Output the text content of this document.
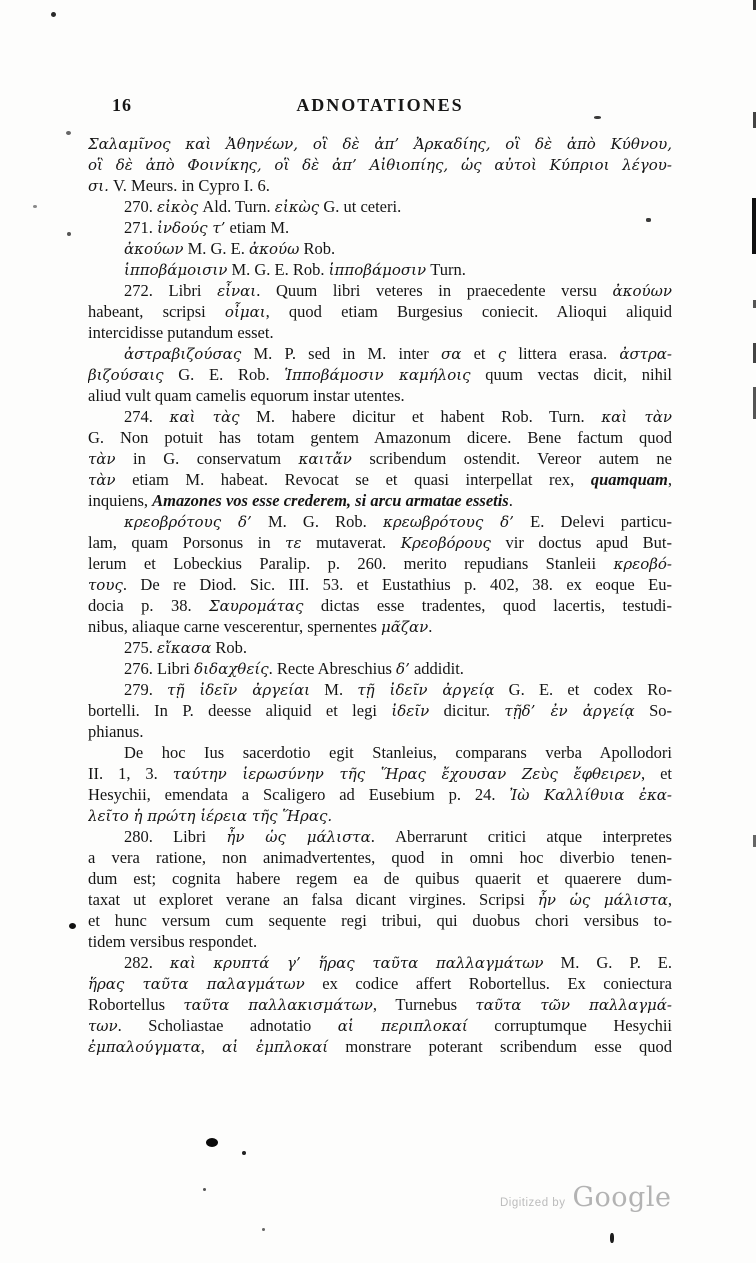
16	ADNOTATIONES
Σαλαμῖνος καὶ Ἀθηνέων, οἳ δὲ ἀπ’ Ἀρκαδίης, οἳ δὲ ἀπὸ Κύθνου,
οἳ δὲ ἀπὸ Φοινίκης, οἳ δὲ ἀπ’ Αἰθιοπίης, ὡς αὐτοὶ Κύπριοι λέγου-
σι. V. Meurs. in Cypro I. 6.
270. εἰκὸς Ald. Turn. εἰκὼς G. ut ceteri.
271. ἰνδούς τ’ etiam M.
ἀκούων M. G. E. ἀκούω Rob.
ἱπποβάμοισιν M. G. E. Rob. ἱπποβάμοσιν Turn.
272. Libri εἶναι. Quum libri veteres in praecedente versu ἀκούων
habeant, scripsi οἶμαι, quod etiam Burgesius coniecit. Alioqui aliquid
intercidisse putandum esset.
ἀστραβιζούσας M. P. sed in M. inter σα et ς littera erasa. ἀστρα-
βιζούσαις G. E. Rob. Ἱπποβάμοσιν καμήλοις quum vectas dicit, nihil
aliud vult quam camelis equorum instar utentes.
274. καὶ τὰς M. habere dicitur et habent Rob. Turn. καὶ τὰν
G. Non potuit has totam gentem Amazonum dicere. Bene factum quod
τὰν in G. conservatum καιτἄν scribendum ostendit. Vereor autem ne
τὰν etiam M. habeat. Revocat se et quasi interpellat rex, quamquam,
inquiens, Amazones vos esse crederem, si arcu armatae essetis.
κρεοβρότους δ’ M. G. Rob. κρεωβρότους δ’ E. Delevi particu-
lam, quam Porsonus in τε mutaverat. Κρεοβόρους vir doctus apud But-
lerum et Lobeckius Paralip. p. 260. merito repudians Stanleii κρεοβό-
τους. De re Diod. Sic. III. 53. et Eustathius p. 402, 38. ex eoque Eu-
docia p. 38. Σαυρομάτας dictas esse tradentes, quod lacertis, testudi-
nibus, aliaque carne vescerentur, spernentes μᾶζαν.
275. εἴκασα Rob.
276. Libri διδαχθείς. Recte Abreschius δ’ addidit.
279. τῇ ἰδεῖν ἀργείαι M. τῇ ἰδεῖν ἀργείᾳ G. E. et codex Ro-
bortelli. In P. deesse aliquid et legi ἰδεῖν dicitur. τῇδ’ ἐν ἀργείᾳ So-
phianus.
De hoc Ius sacerdotio egit Stanleius, comparans verba Apollodori
II. 1, 3. ταύτην ἱερωσύνην τῆς Ἥρας ἔχουσαν Ζεὺς ἔφθειρεν, et
Hesychii, emendata a Scaligero ad Eusebium p. 24. Ἰὼ Καλλίθυια ἐκα-
λεῖτο ἡ πρώτη ἱέρεια τῆς Ἥρας.
280. Libri ἦν ὡς μάλιστα. Aberrarunt critici atque interpretes
a vera ratione, non animadvertentes, quod in omni hoc diverbio tenen-
dum est; cognita habere regem ea de quibus quaerit et quaerere dum-
taxat ut exploret verane an falsa dicant virgines. Scripsi ἦν ὡς μάλιστα,
et hunc versum cum sequente regi tribui, qui duobus chori versibus to-
tidem versibus respondet.
282. καὶ κρυπτά γ’ ἥρας ταῦτα παλλαγμάτων M. G. P. E.
ἥρας ταῦτα παλαγμάτων ex codice affert Robortellus. Ex coniectura
Robortellus ταῦτα παλλακισμάτων, Turnebus ταῦτα τῶν παλλαγμά-
των. Scholiastae adnotatio αἱ περιπλοκαί corruptumque Hesychii
ἐμπαλούγματα, αἱ ἐμπλοκαί monstrare poterant scribendum esse quod
Digitized by Google
